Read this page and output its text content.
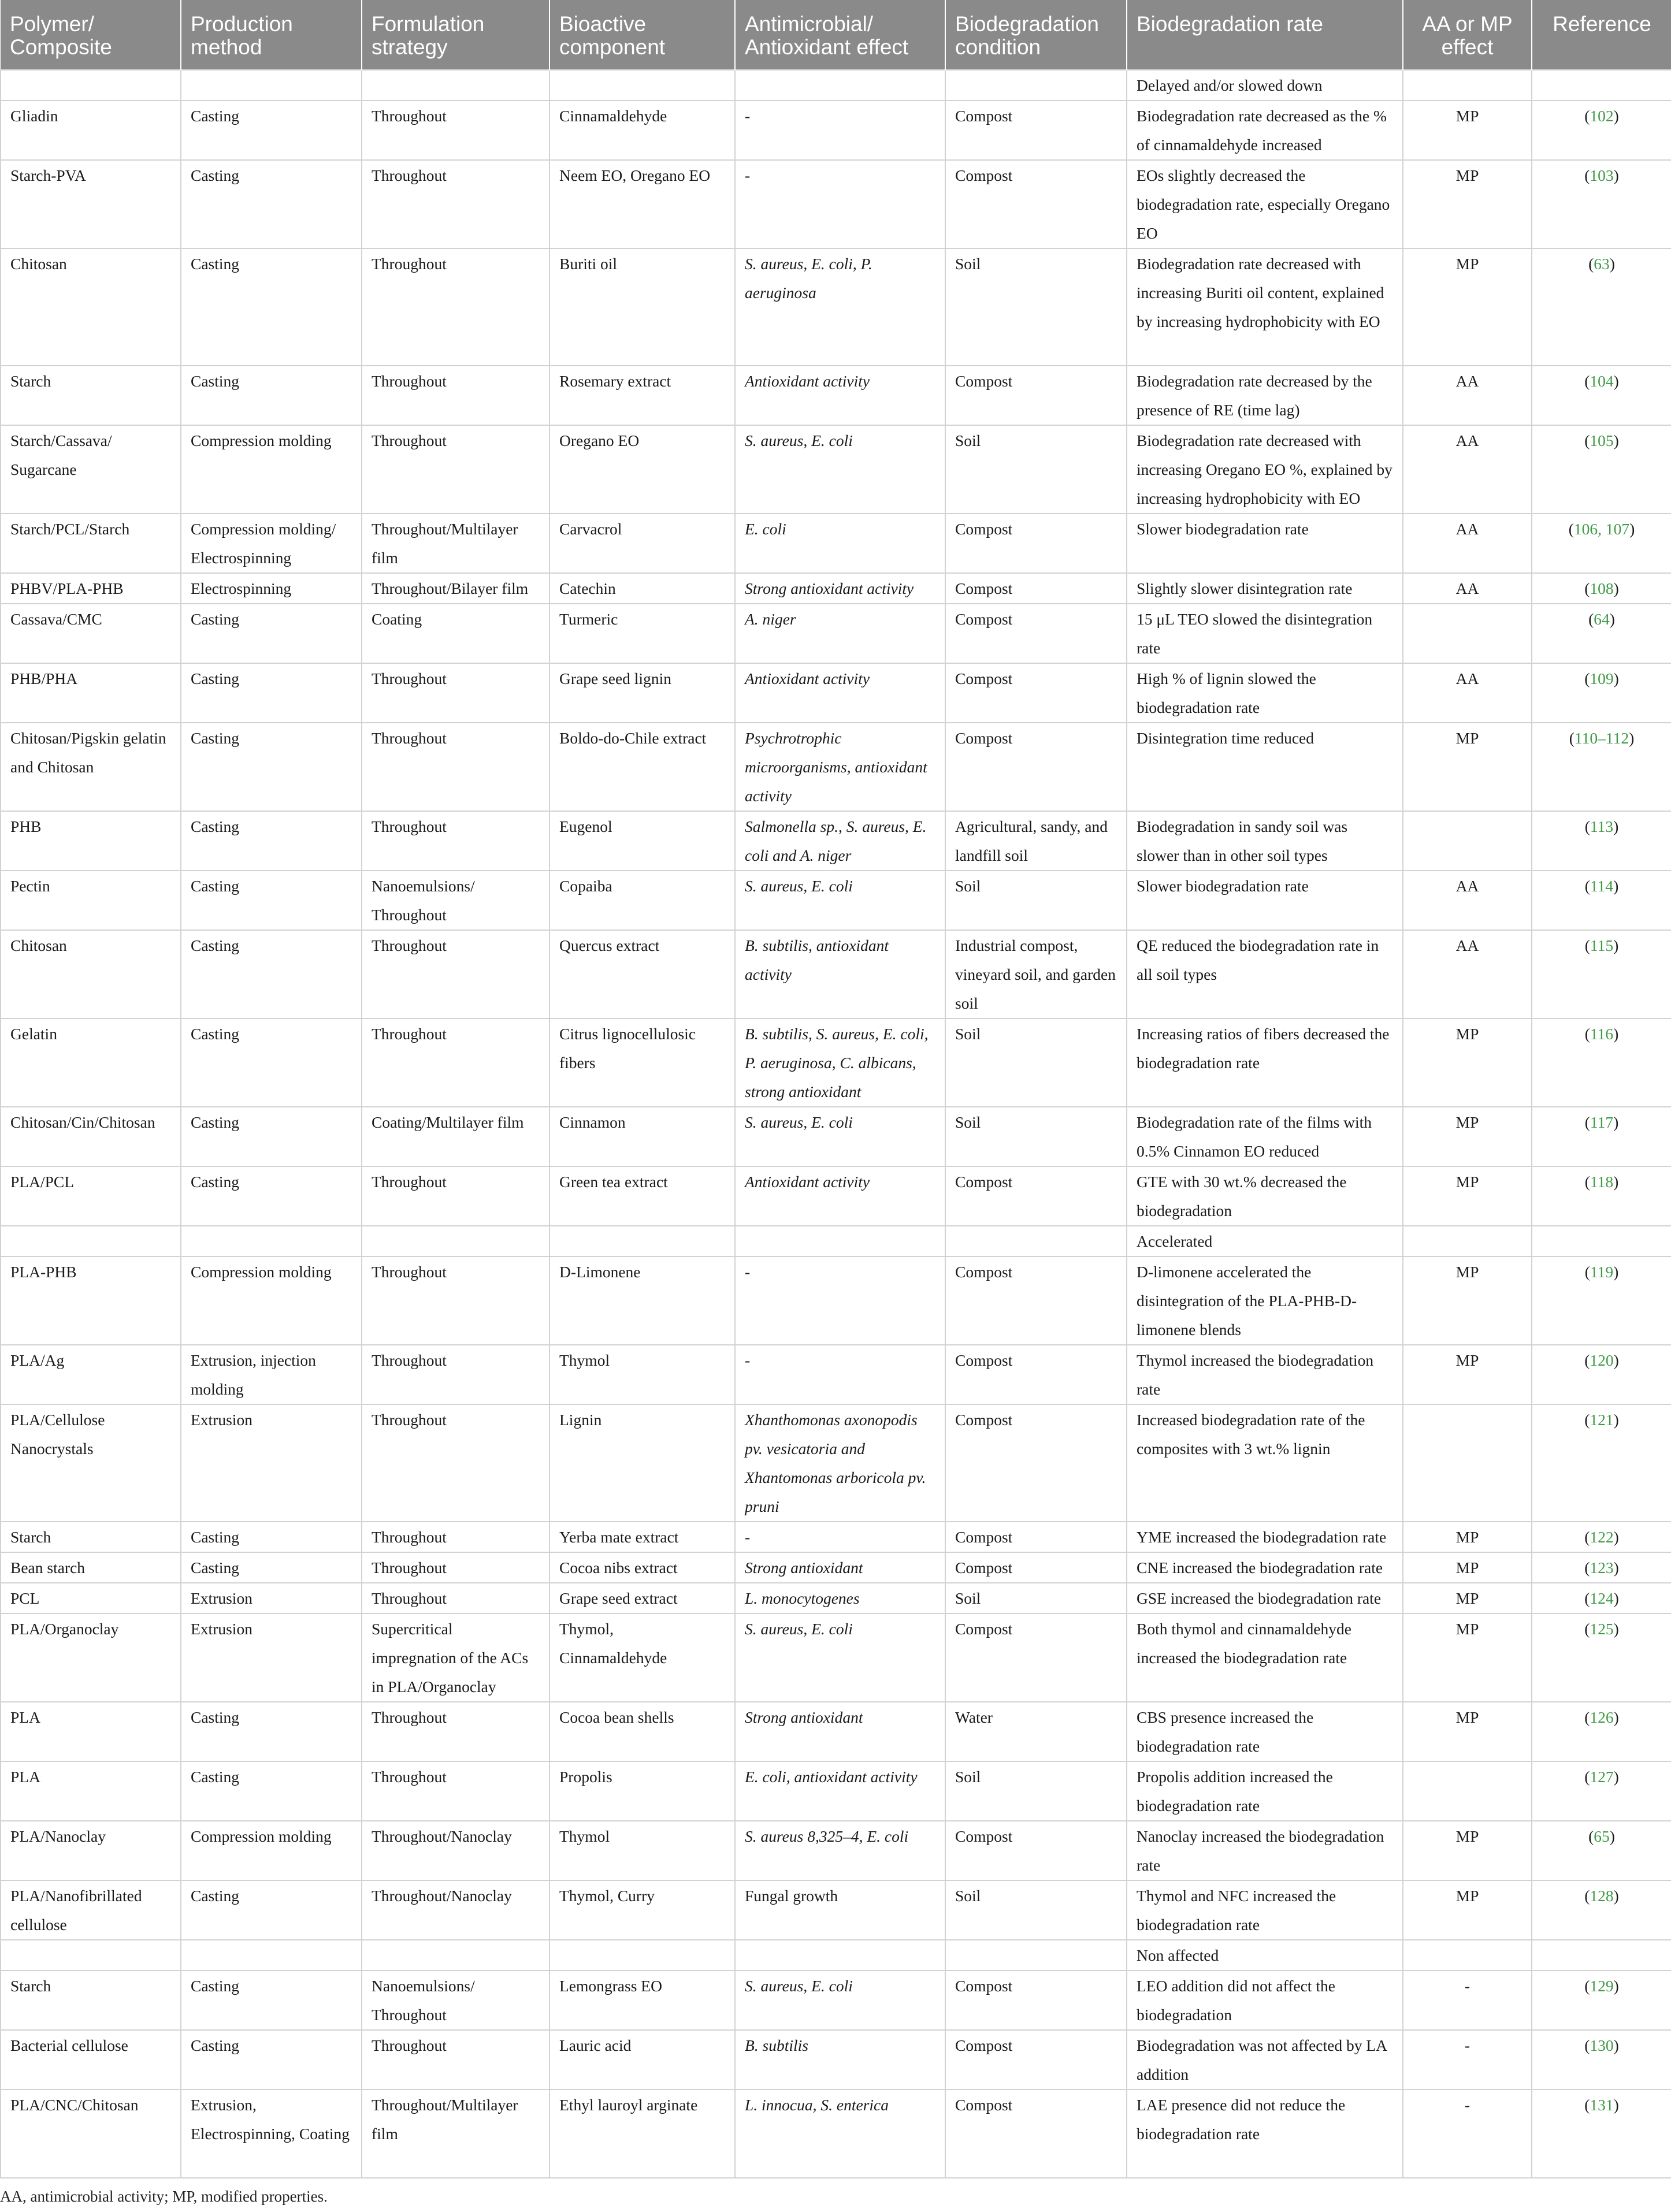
Polymer/ Composite	Production method	Formulation strategy	Bioactive component	Antimicrobial/ Antioxidant effect	Biodegradation condition	Biodegradation rate	AA or MP effect	Reference
						Delayed and/or slowed down		
Gliadin	Casting	Throughout	Cinnamaldehyde	-	Compost	Biodegradation rate decreased as the % of cinnamaldehyde increased	MP	(102)
Starch-PVA	Casting	Throughout	Neem EO, Oregano EO	-	Compost	EOs slightly decreased the biodegradation rate, especially Oregano EO	MP	(103)
Chitosan	Casting	Throughout	Buriti oil	S. aureus, E. coli, P. aeruginosa	Soil	Biodegradation rate decreased with increasing Buriti oil content, explained by increasing hydrophobicity with EO	MP	(63)
Starch	Casting	Throughout	Rosemary extract	Antioxidant activity	Compost	Biodegradation rate decreased by the presence of RE (time lag)	AA	(104)
Starch/Cassava/ Sugarcane	Compression molding	Throughout	Oregano EO	S. aureus, E. coli	Soil	Biodegradation rate decreased with increasing Oregano EO %, explained by increasing hydrophobicity with EO	AA	(105)
Starch/PCL/Starch	Compression molding/ Electrospinning	Throughout/Multilayer film	Carvacrol	E. coli	Compost	Slower biodegradation rate	AA	(106, 107)
PHBV/PLA-PHB	Electrospinning	Throughout/Bilayer film	Catechin	Strong antioxidant activity	Compost	Slightly slower disintegration rate	AA	(108)
Cassava/CMC	Casting	Coating	Turmeric	A. niger	Compost	15 μL TEO slowed the disintegration rate		(64)
PHB/PHA	Casting	Throughout	Grape seed lignin	Antioxidant activity	Compost	High % of lignin slowed the biodegradation rate	AA	(109)
Chitosan/Pigskin gelatin and Chitosan	Casting	Throughout	Boldo-do-Chile extract	Psychrotrophic microorganisms, antioxidant activity	Compost	Disintegration time reduced	MP	(110–112)
PHB	Casting	Throughout	Eugenol	Salmonella sp., S. aureus, E. coli and A. niger	Agricultural, sandy, and landfill soil	Biodegradation in sandy soil was slower than in other soil types		(113)
Pectin	Casting	Nanoemulsions/ Throughout	Copaiba	S. aureus, E. coli	Soil	Slower biodegradation rate	AA	(114)
Chitosan	Casting	Throughout	Quercus extract	B. subtilis, antioxidant activity	Industrial compost, vineyard soil, and garden soil	QE reduced the biodegradation rate in all soil types	AA	(115)
Gelatin	Casting	Throughout	Citrus lignocellulosic fibers	B. subtilis, S. aureus, E. coli, P. aeruginosa, C. albicans, strong antioxidant	Soil	Increasing ratios of fibers decreased the biodegradation rate	MP	(116)
Chitosan/Cin/Chitosan	Casting	Coating/Multilayer film	Cinnamon	S. aureus, E. coli	Soil	Biodegradation rate of the films with 0.5% Cinnamon EO reduced	MP	(117)
PLA/PCL	Casting	Throughout	Green tea extract	Antioxidant activity	Compost	GTE with 30 wt.% decreased the biodegradation	MP	(118)
						Accelerated		
PLA-PHB	Compression molding	Throughout	D-Limonene	-	Compost	D-limonene accelerated the disintegration of the PLA-PHB-D-limonene blends	MP	(119)
PLA/Ag	Extrusion, injection molding	Throughout	Thymol	-	Compost	Thymol increased the biodegradation rate	MP	(120)
PLA/Cellulose Nanocrystals	Extrusion	Throughout	Lignin	Xhanthomonas axonopodis pv. vesicatoria and Xhantomonas arboricola pv. pruni	Compost	Increased biodegradation rate of the composites with 3 wt.% lignin		(121)
Starch	Casting	Throughout	Yerba mate extract	-	Compost	YME increased the biodegradation rate	MP	(122)
Bean starch	Casting	Throughout	Cocoa nibs extract	Strong antioxidant	Compost	CNE increased the biodegradation rate	MP	(123)
PCL	Extrusion	Throughout	Grape seed extract	L. monocytogenes	Soil	GSE increased the biodegradation rate	MP	(124)
PLA/Organoclay	Extrusion	Supercritical impregnation of the ACs in PLA/Organoclay	Thymol, Cinnamaldehyde	S. aureus, E. coli	Compost	Both thymol and cinnamaldehyde increased the biodegradation rate	MP	(125)
PLA	Casting	Throughout	Cocoa bean shells	Strong antioxidant	Water	CBS presence increased the biodegradation rate	MP	(126)
PLA	Casting	Throughout	Propolis	E. coli, antioxidant activity	Soil	Propolis addition increased the biodegradation rate		(127)
PLA/Nanoclay	Compression molding	Throughout/Nanoclay	Thymol	S. aureus 8,325–4, E. coli	Compost	Nanoclay increased the biodegradation rate	MP	(65)
PLA/Nanofibrillated cellulose	Casting	Throughout/Nanoclay	Thymol, Curry	Fungal growth	Soil	Thymol and NFC increased the biodegradation rate	MP	(128)
						Non affected		
Starch	Casting	Nanoemulsions/ Throughout	Lemongrass EO	S. aureus, E. coli	Compost	LEO addition did not affect the biodegradation	-	(129)
Bacterial cellulose	Casting	Throughout	Lauric acid	B. subtilis	Compost	Biodegradation was not affected by LA addition	-	(130)
PLA/CNC/Chitosan	Extrusion, Electrospinning, Coating	Throughout/Multilayer film	Ethyl lauroyl arginate	L. innocua, S. enterica	Compost	LAE presence did not reduce the biodegradation rate	-	(131)
AA, antimicrobial activity; MP, modified properties.
